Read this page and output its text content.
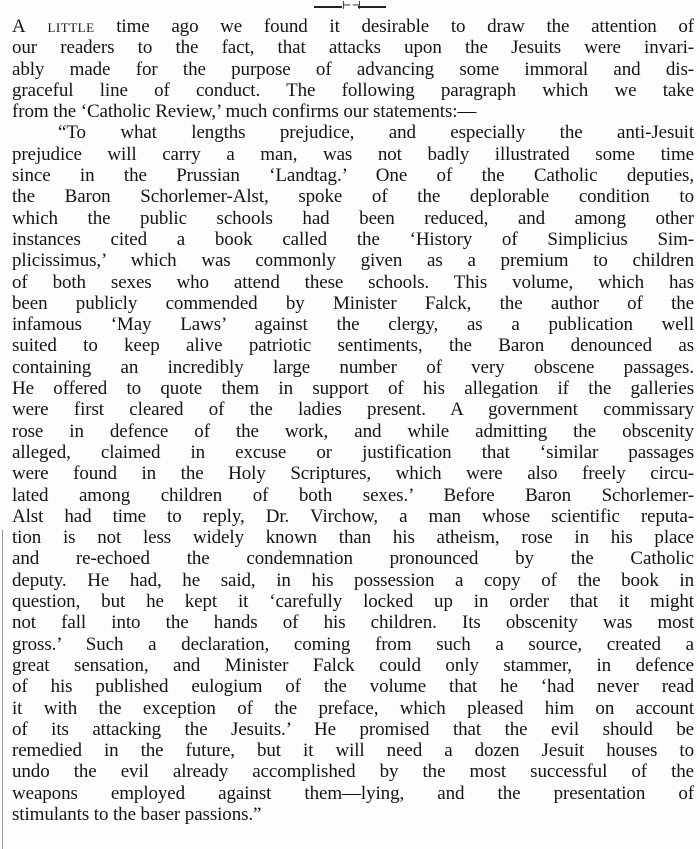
⊢⊣
A little time ago we found it desirable to draw the attention of
our readers to the fact, that attacks upon the Jesuits were invari-
ably made for the purpose of advancing some immoral and dis-
graceful line of conduct. The following paragraph which we take
from the ‘Catholic Review,’ much confirms our statements:—
“To what lengths prejudice, and especially the anti-Jesuit
prejudice will carry a man, was not badly illustrated some time
since in the Prussian ‘Landtag.’ One of the Catholic deputies,
the Baron Schorlemer-Alst, spoke of the deplorable condition to
which the public schools had been reduced, and among other
instances cited a book called the ‘History of Simplicius Sim-
plicissimus,’ which was commonly given as a premium to children
of both sexes who attend these schools. This volume, which has
been publicly commended by Minister Falck, the author of the
infamous ‘May Laws’ against the clergy, as a publication well
suited to keep alive patriotic sentiments, the Baron denounced as
containing an incredibly large number of very obscene passages.
He offered to quote them in support of his allegation if the galleries
were first cleared of the ladies present. A government commissary
rose in defence of the work, and while admitting the obscenity
alleged, claimed in excuse or justification that ‘similar passages
were found in the Holy Scriptures, which were also freely circu-
lated among children of both sexes.’ Before Baron Schorlemer-
Alst had time to reply, Dr. Virchow, a man whose scientific reputa-
tion is not less widely known than his atheism, rose in his place
and re-echoed the condemnation pronounced by the Catholic
deputy. He had, he said, in his possession a copy of the book in
question, but he kept it ‘carefully locked up in order that it might
not fall into the hands of his children. Its obscenity was most
gross.’ Such a declaration, coming from such a source, created a
great sensation, and Minister Falck could only stammer, in defence
of his published eulogium of the volume that he ‘had never read
it with the exception of the preface, which pleased him on account
of its attacking the Jesuits.’ He promised that the evil should be
remedied in the future, but it will need a dozen Jesuit houses to
undo the evil already accomplished by the most successful of the
weapons employed against them—lying, and the presentation of
stimulants to the baser passions.”
